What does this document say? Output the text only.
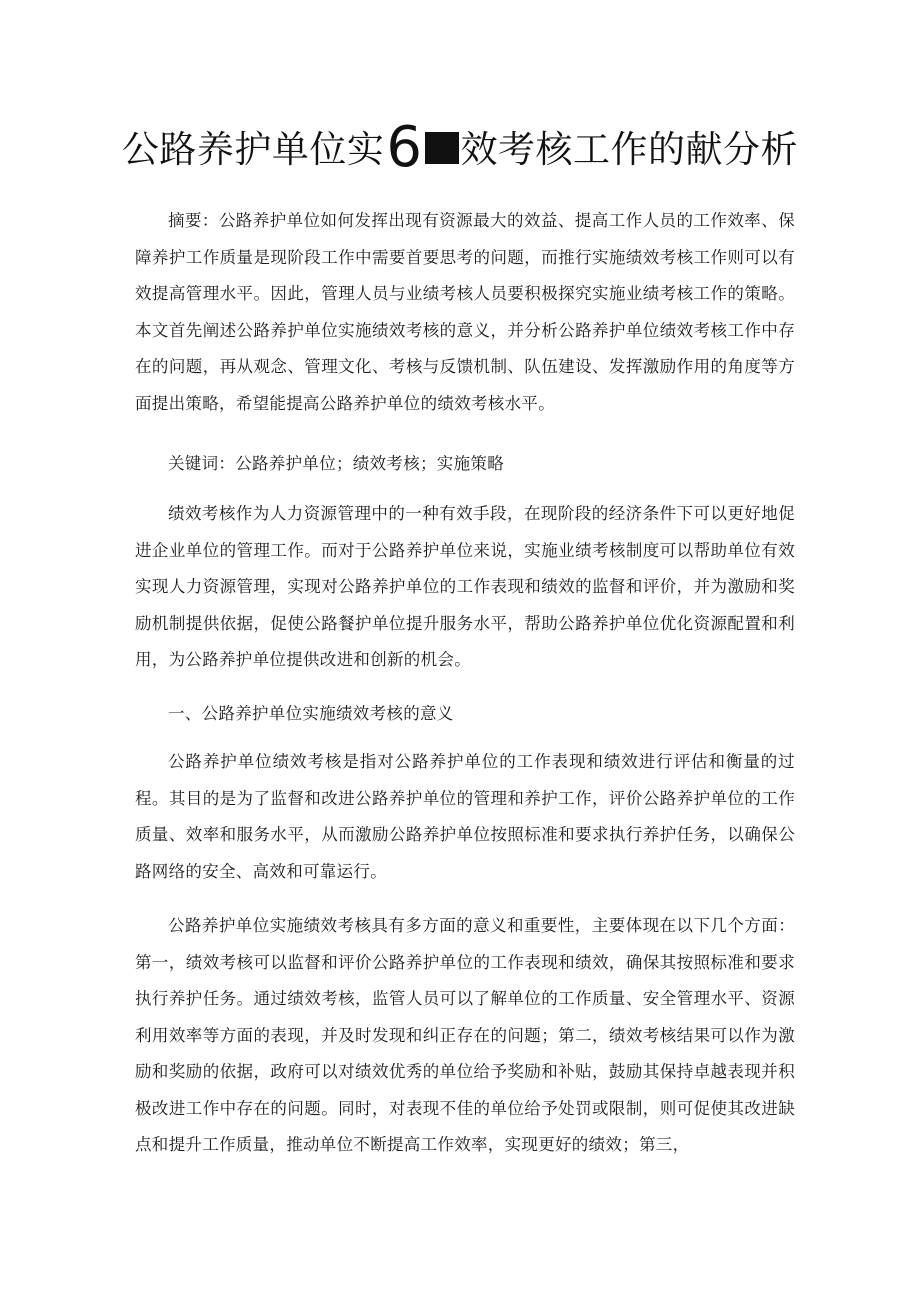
公路养护单位实6 效考核工作的献分析

摘要：公路养护单位如何发挥出现有资源最大的效益、提高工作人员的工作效率、保障养护工作质量是现阶段工作中需要首要思考的问题，而推行实施绩效考核工作则可以有效提高管理水平。因此，管理人员与业绩考核人员要积极探究实施业绩考核工作的策略。本文首先阐述公路养护单位实施绩效考核的意义，并分析公路养护单位绩效考核工作中存在的问题，再从观念、管理文化、考核与反馈机制、队伍建设、发挥激励作用的角度等方面提出策略，希望能提高公路养护单位的绩效考核水平。

关键词：公路养护单位；绩效考核；实施策略

绩效考核作为人力资源管理中的一种有效手段，在现阶段的经济条件下可以更好地促进企业单位的管理工作。而对于公路养护单位来说，实施业绩考核制度可以帮助单位有效实现人力资源管理，实现对公路养护单位的工作表现和绩效的监督和评价，并为激励和奖励机制提供依据，促使公路餐护单位提升服务水平，帮助公路养护单位优化资源配置和利用，为公路养护单位提供改进和创新的机会。

一、公路养护单位实施绩效考核的意义

公路养护单位绩效考核是指对公路养护单位的工作表现和绩效进行评估和衡量的过程。其目的是为了监督和改进公路养护单位的管理和养护工作，评价公路养护单位的工作质量、效率和服务水平，从而激励公路养护单位按照标准和要求执行养护任务，以确保公路网络的安全、高效和可靠运行。

公路养护单位实施绩效考核具有多方面的意义和重要性，主要体现在以下几个方面：第一，绩效考核可以监督和评价公路养护单位的工作表现和绩效，确保其按照标准和要求执行养护任务。通过绩效考核，监管人员可以了解单位的工作质量、安全管理水平、资源利用效率等方面的表现，并及时发现和纠正存在的问题；第二，绩效考核结果可以作为激励和奖励的依据，政府可以对绩效优秀的单位给予奖励和补贴，鼓励其保持卓越表现并积极改进工作中存在的问题。同时，对表现不佳的单位给予处罚或限制，则可促使其改进缺点和提升工作质量，推动单位不断提高工作效率，实现更好的绩效；第三，
